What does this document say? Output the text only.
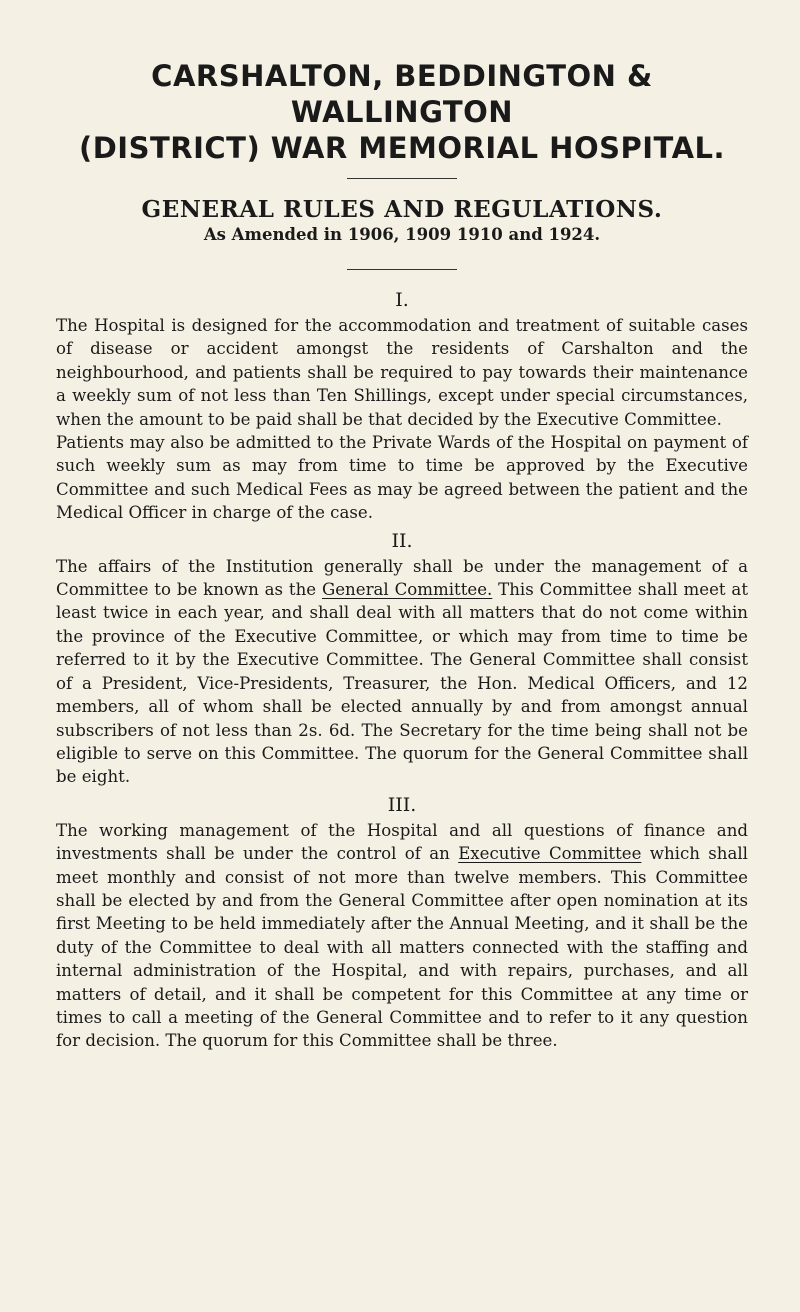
CARSHALTON, BEDDINGTON & WALLINGTON
(DISTRICT) WAR MEMORIAL HOSPITAL.

GENERAL RULES AND REGULATIONS.

As Amended in 1906, 1909 1910 and 1924.

I.

The Hospital is designed for the accommodation and treatment of suitable cases of disease or accident amongst the residents of Carshalton and the neighbourhood, and patients shall be required to pay towards their maintenance a weekly sum of not less than Ten Shillings, except under special circumstances, when the amount to be paid shall be that decided by the Executive Committee.

Patients may also be admitted to the Private Wards of the Hospital on payment of such weekly sum as may from time to time be approved by the Executive Committee and such Medical Fees as may be agreed between the patient and the Medical Officer in charge of the case.

II.

The affairs of the Institution generally shall be under the management of a Committee to be known as the General Committee. This Committee shall meet at least twice in each year, and shall deal with all matters that do not come within the province of the Executive Committee, or which may from time to time be referred to it by the Executive Committee. The General Committee shall consist of a President, Vice-Presidents, Treasurer, the Hon. Medical Officers, and 12 members, all of whom shall be elected annually by and from amongst annual subscribers of not less than 2s. 6d. The Secretary for the time being shall not be eligible to serve on this Committee. The quorum for the General Committee shall be eight.

III.

The working management of the Hospital and all questions of finance and investments shall be under the control of an Executive Committee which shall meet monthly and consist of not more than twelve members. This Committee shall be elected by and from the General Committee after open nomination at its first Meeting to be held immediately after the Annual Meeting, and it shall be the duty of the Committee to deal with all matters connected with the staffing and internal administration of the Hospital, and with repairs, purchases, and all matters of detail, and it shall be competent for this Committee at any time or times to call a meeting of the General Committee and to refer to it any question for decision. The quorum for this Committee shall be three.
